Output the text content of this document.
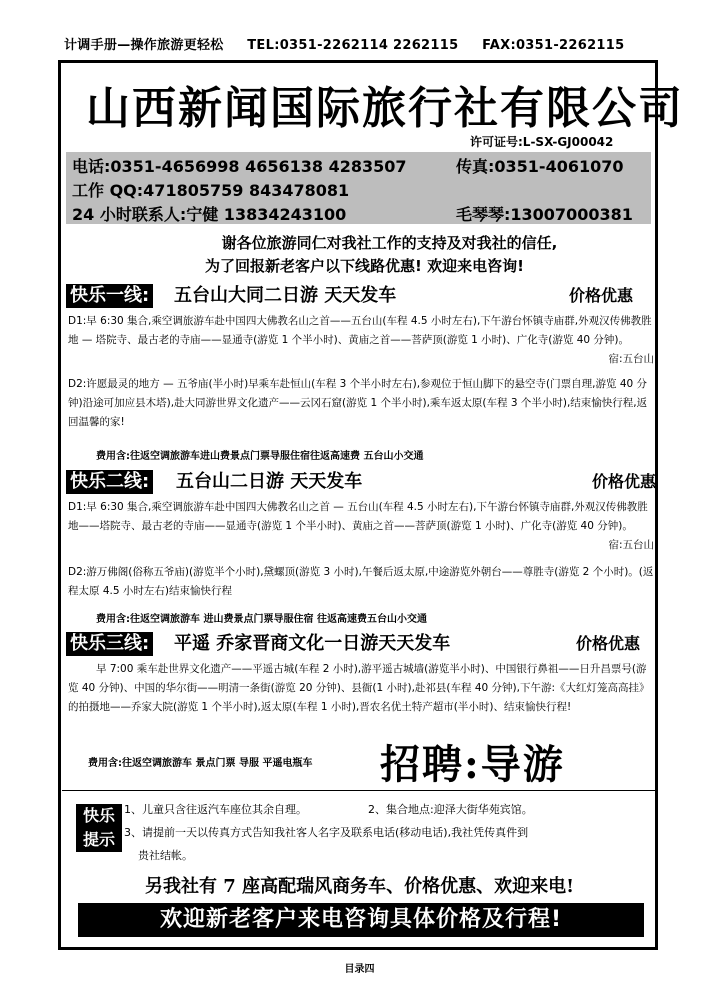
计调手册—操作旅游更轻松 TEL:0351-2262114 2262115 FAX:0351-2262115
山西新闻国际旅行社有限公司
许可证号:L-SX-GJ00042
电话:0351-4656998 4656138 4283507	传真:0351-4061070
工作 QQ:471805759 843478081
24 小时联系人:宁健 13834243100	毛琴琴:13007000381
谢各位旅游同仁对我社工作的支持及对我社的信任,
为了回报新老客户以下线路优惠! 欢迎来电咨询!
快乐一线: 五台山大同二日游 天天发车	价格优惠
D1:早 6:30 集合,乘空调旅游车赴中国四大佛教名山之首——五台山(车程 4.5 小时左右),下午游台怀镇寺庙群,外观汉传佛教胜地 — 塔院寺、最古老的寺庙——显通寺(游览 1 个半小时)、黄庙之首——菩萨顶(游览 1 小时)、广化寺(游览 40 分钟)。
宿:五台山
D2:许愿最灵的地方 — 五爷庙(半小时)早乘车赴恒山(车程 3 个半小时左右),参观位于恒山脚下的悬空寺(门票自理,游览 40 分钟)沿途可加应县木塔),赴大同游世界文化遗产——云冈石窟(游览 1 个半小时),乘车返太原(车程 3 个半小时),结束愉快行程,返回温馨的家!
费用含:往返空调旅游车进山费景点门票导服住宿往返高速费 五台山小交通
快乐二线: 五台山二日游 天天发车	价格优惠
D1:早 6:30 集合,乘空调旅游车赴中国四大佛教名山之首 — 五台山(车程 4.5 小时左右),下午游台怀镇寺庙群,外观汉传佛教胜地——塔院寺、最古老的寺庙——显通寺(游览 1 个半小时)、黄庙之首——菩萨顶(游览 1 小时)、广化寺(游览 40 分钟)。
宿:五台山
D2:游万佛阁(俗称五爷庙)(游览半个小时),黛螺顶(游览 3 小时),午餐后返太原,中途游览外朝台——尊胜寺(游览 2 个小时)。(返程太原 4.5 小时左右)结束愉快行程
费用含:往返空调旅游车 进山费景点门票导服住宿 往返高速费五台山小交通
快乐三线: 平遥 乔家晋商文化一日游天天发车	价格优惠
早 7:00 乘车赴世界文化遗产——平遥古城(车程 2 小时),游平遥古城墙(游览半小时)、中国银行鼻祖——日升昌票号(游览 40 分钟)、中国的华尔街——明清一条街(游览 20 分钟)、县衙(1 小时),赴祁县(车程 40 分钟),下午游:《大红灯笼高高挂》的拍摄地——乔家大院(游览 1 个半小时),返太原(车程 1 小时),晋农名优土特产超市(半小时)、结束愉快行程!
费用含:往返空调旅游车 景点门票 导服 平遥电瓶车 招聘:导游
快乐
提示
1、儿童只含往返汽车座位其余自理。	2、集合地点:迎泽大街华苑宾馆。
3、请提前一天以传真方式告知我社客人名字及联系电话(移动电话),我社凭传真件到
贵社结帐。
另我社有 7 座高配瑞风商务车、价格优惠、欢迎来电!
欢迎新老客户来电咨询具体价格及行程!
目录四
